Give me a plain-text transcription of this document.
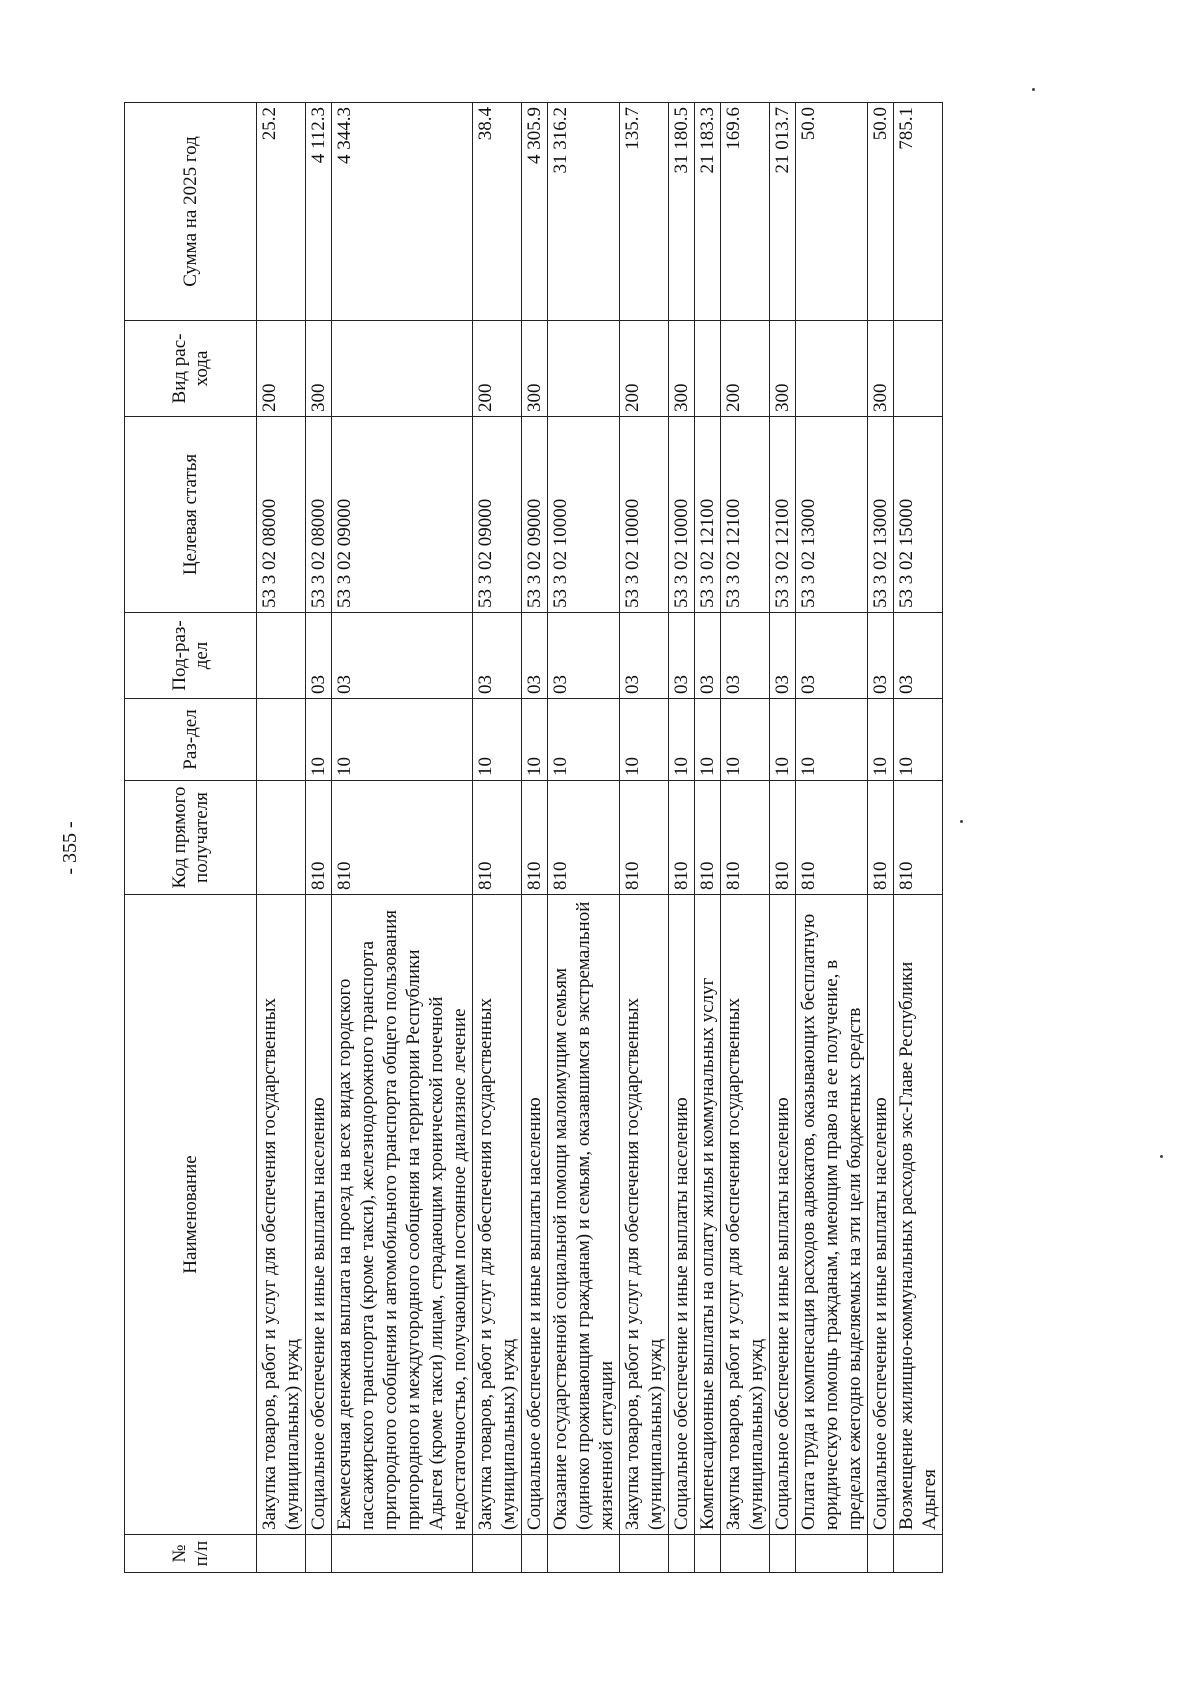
- 355 -
№ п/п	Наименование	Код прямого получателя	Раз-дел	Под-раз-дел	Целевая статья	Вид рас-хода	Сумма на 2025 год
	Закупка товаров, работ и услуг для обеспечения государственных (муниципальных) нужд				53 3 02 08000	200	25.2
	Социальное обеспечение и иные выплаты населению	810	10	03	53 3 02 08000	300	4 112.3
	Ежемесячная денежная выплата на проезд на всех видах городского пассажирского транспорта (кроме такси), железнодорожного транспорта пригородного сообщения и автомобильного транспорта общего пользования пригородного и междугородного сообщения на территории Республики Адыгея (кроме такси) лицам, страдающим хронической почечной недостаточностью, получающим постоянное диализное лечение	810	10	03	53 3 02 09000		4 344.3
	Закупка товаров, работ и услуг для обеспечения государственных (муниципальных) нужд	810	10	03	53 3 02 09000	200	38.4
	Социальное обеспечение и иные выплаты населению	810	10	03	53 3 02 09000	300	4 305.9
	Оказание государственной социальной помощи малоимущим семьям (одиноко проживающим гражданам) и семьям, оказавшимся в экстремальной жизненной ситуации	810	10	03	53 3 02 10000		31 316.2
	Закупка товаров, работ и услуг для обеспечения государственных (муниципальных) нужд	810	10	03	53 3 02 10000	200	135.7
	Социальное обеспечение и иные выплаты населению	810	10	03	53 3 02 10000	300	31 180.5
	Компенсационные выплаты на оплату жилья и коммунальных услуг	810	10	03	53 3 02 12100		21 183.3
	Закупка товаров, работ и услуг для обеспечения государственных (муниципальных) нужд	810	10	03	53 3 02 12100	200	169.6
	Социальное обеспечение и иные выплаты населению	810	10	03	53 3 02 12100	300	21 013.7
	Оплата труда и компенсация расходов адвокатов, оказывающих бесплатную юридическую помощь гражданам, имеющим право на ее получение, в пределах ежегодно выделяемых на эти цели бюджетных средств	810	10	03	53 3 02 13000		50.0
	Социальное обеспечение и иные выплаты населению	810	10	03	53 3 02 13000	300	50.0
	Возмещение жилищно-коммунальных расходов экс-Главе Республики Адыгея	810	10	03	53 3 02 15000		785.1
